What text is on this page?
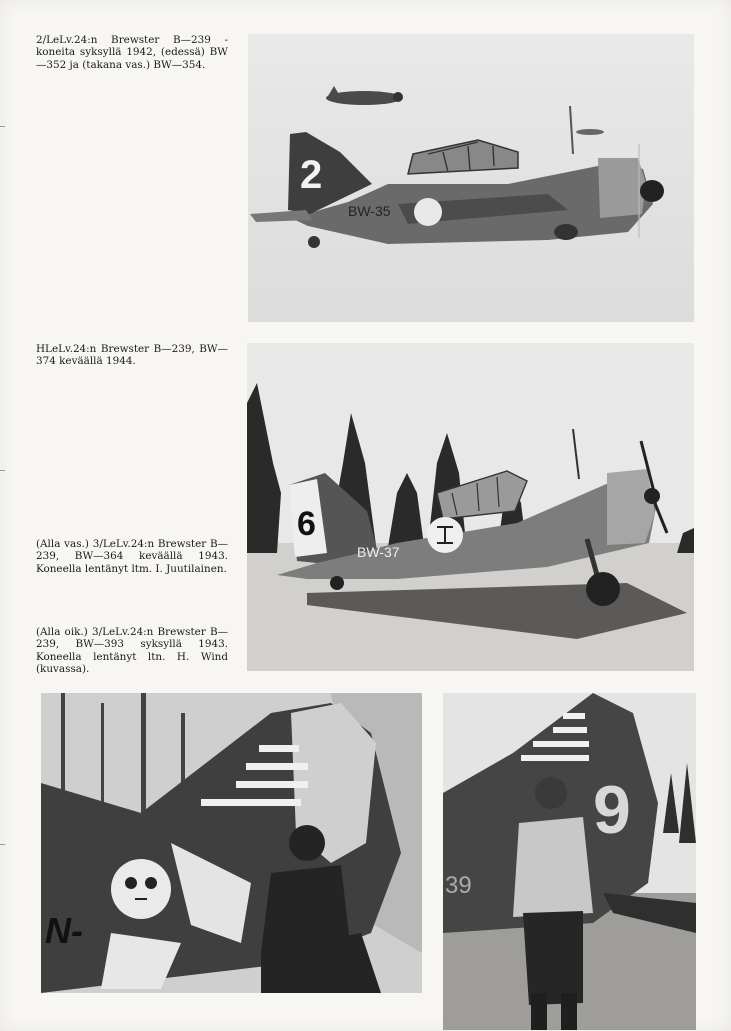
2/LeLv.24:n Brewster B—239 -koneita syksyllä 1942, (edessä) BW—352 ja (takana vas.) BW—354.

HLeLv.24:n Brewster B—239, BW—374 keväällä 1944.

(Alla vas.) 3/LeLv.24:n Brewster B—239, BW—364 keväällä 1943. Koneella lentänyt ltm. I. Juutilainen.

(Alla oik.) 3/LeLv.24:n Brewster B—239, BW—393 syksyllä 1943. Koneella lentänyt ltn. H. Wind (kuvassa).

2
BW-35
6
BW-37
N-
9
39
